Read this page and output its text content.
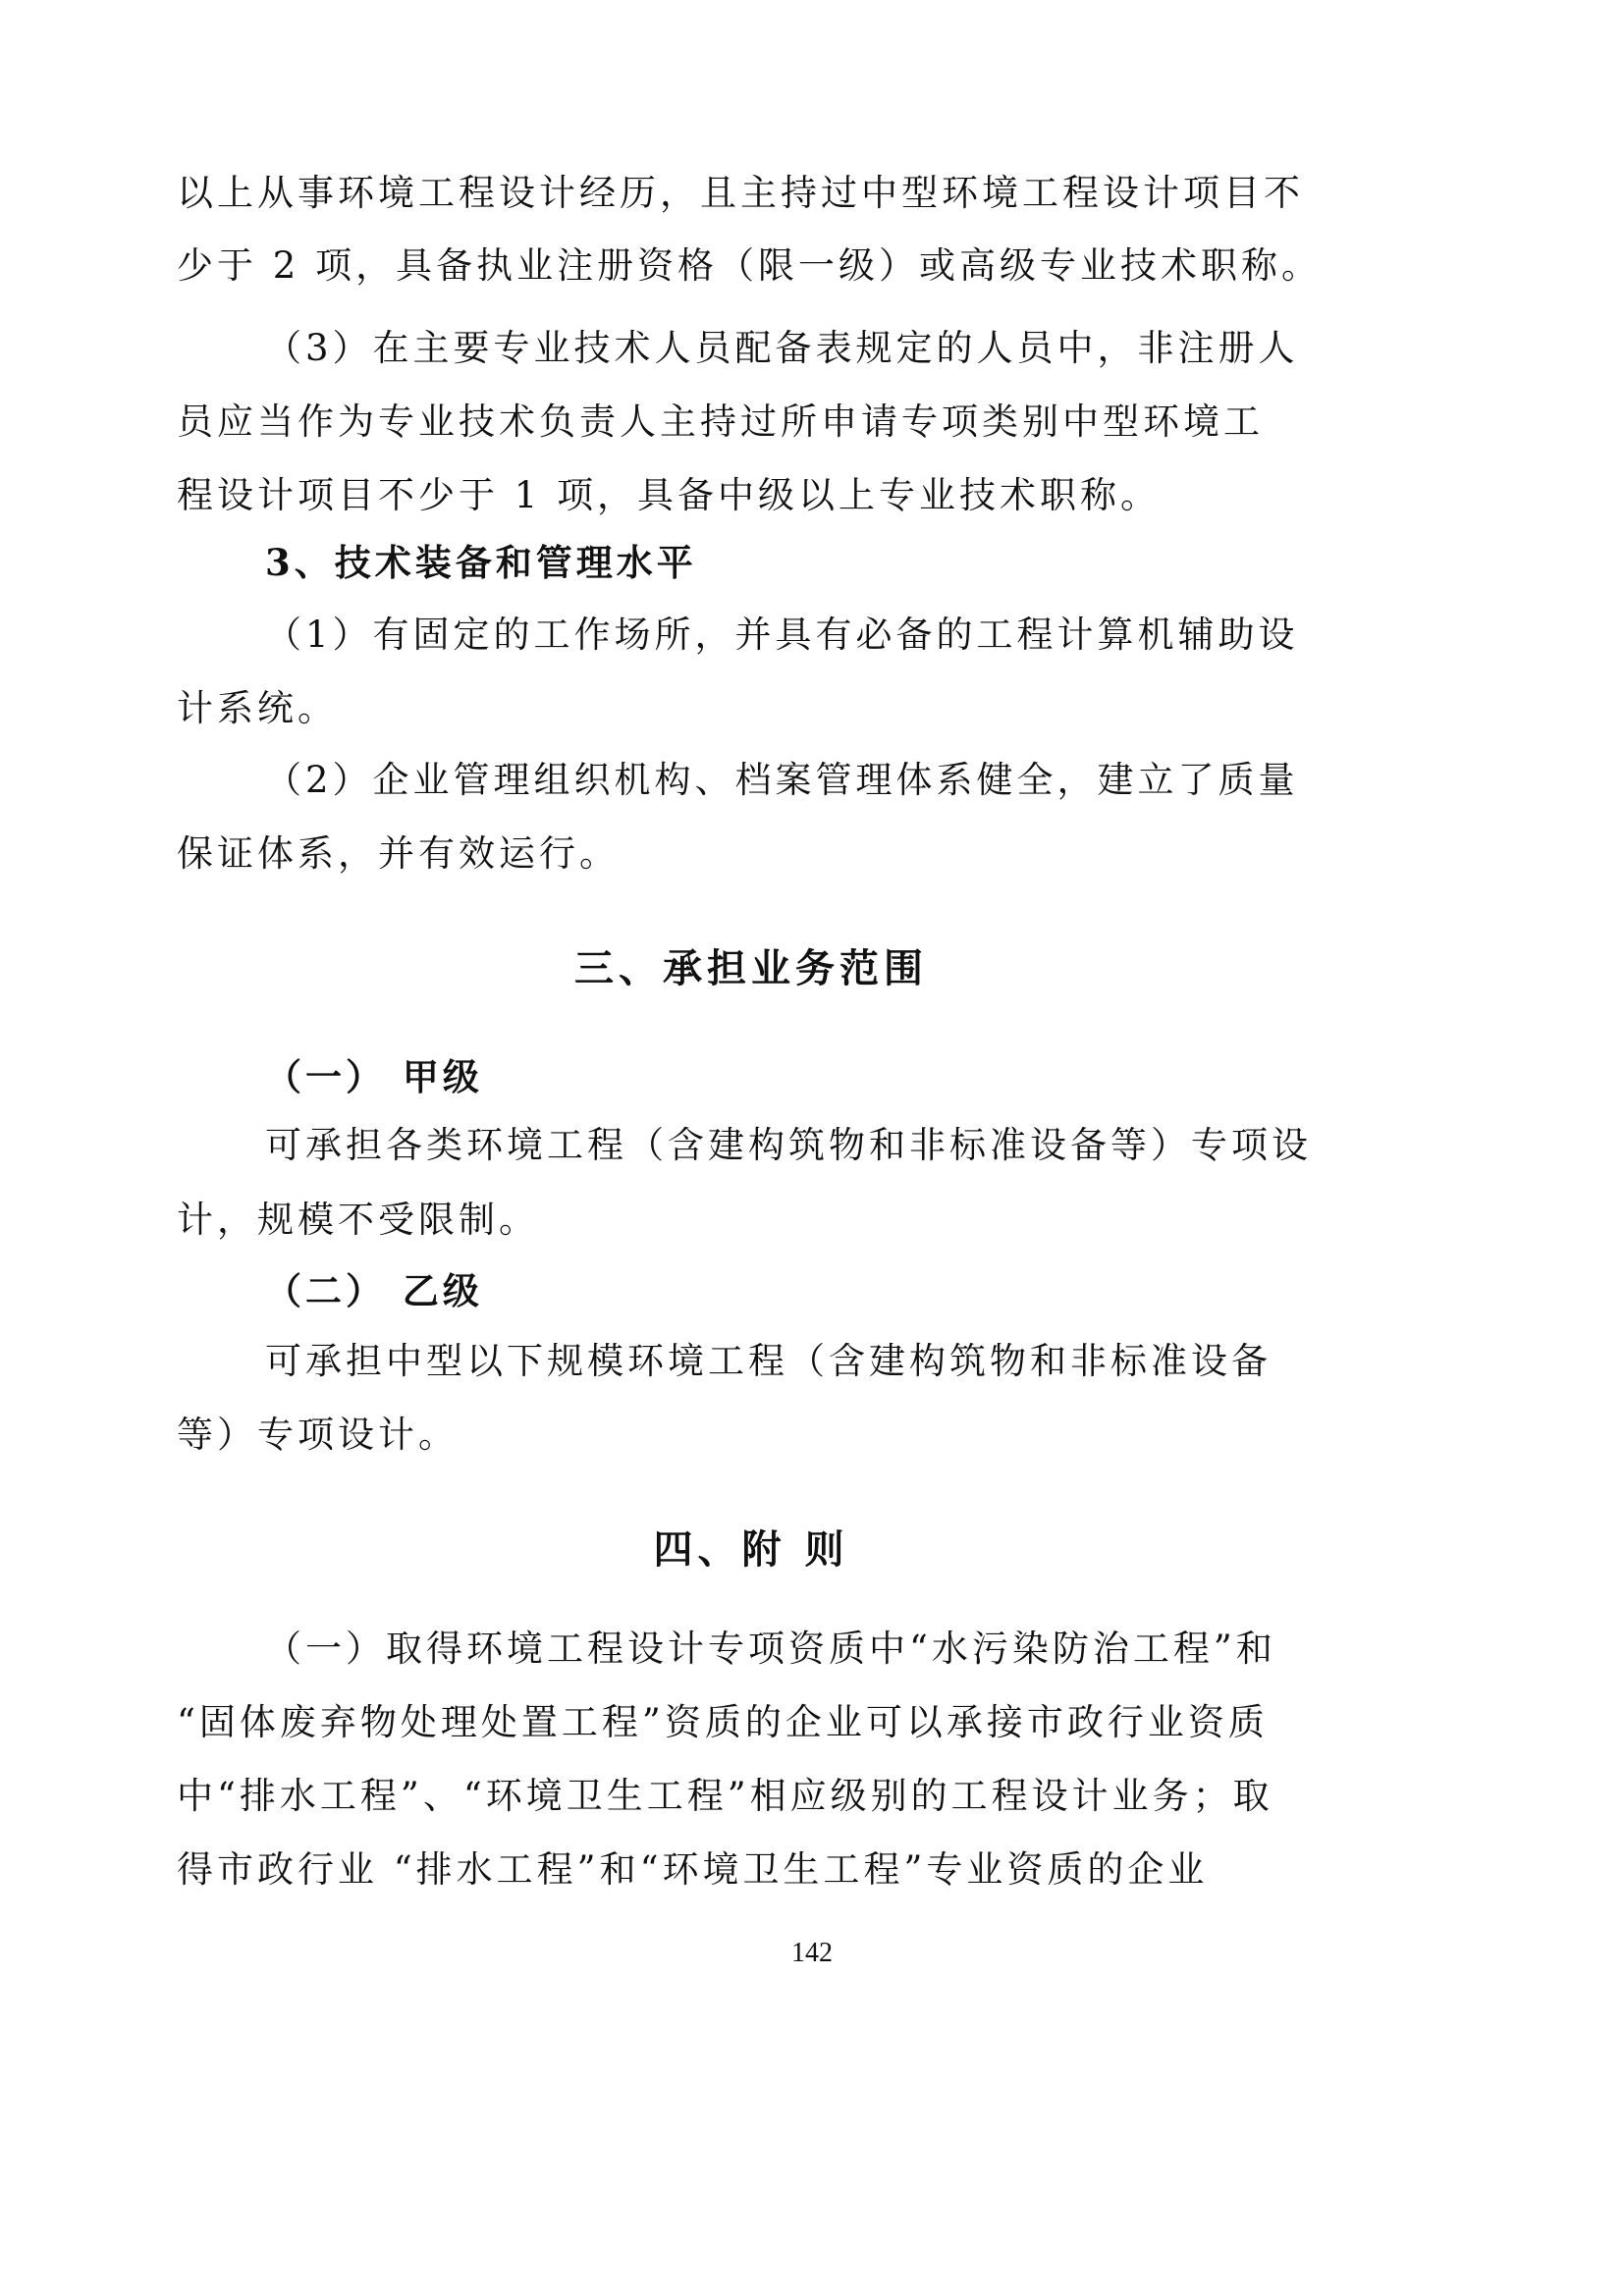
以上从事环境工程设计经历，且主持过中型环境工程设计项目不
少于 2 项，具备执业注册资格（限一级）或高级专业技术职称。
（3）在主要专业技术人员配备表规定的人员中，非注册人
员应当作为专业技术负责人主持过所申请专项类别中型环境工
程设计项目不少于 1 项，具备中级以上专业技术职称。
3、技术装备和管理水平
（1）有固定的工作场所，并具有必备的工程计算机辅助设
计系统。
（2）企业管理组织机构、档案管理体系健全，建立了质量
保证体系，并有效运行。
三、承担业务范围
（一） 甲级
可承担各类环境工程（含建构筑物和非标准设备等）专项设
计，规模不受限制。
（二） 乙级
可承担中型以下规模环境工程（含建构筑物和非标准设备
等）专项设计。
四、附 则
（一）取得环境工程设计专项资质中“水污染防治工程”和
“固体废弃物处理处置工程”资质的企业可以承接市政行业资质
中“排水工程”、“环境卫生工程”相应级别的工程设计业务；取
得市政行业 “排水工程”和“环境卫生工程”专业资质的企业
142
